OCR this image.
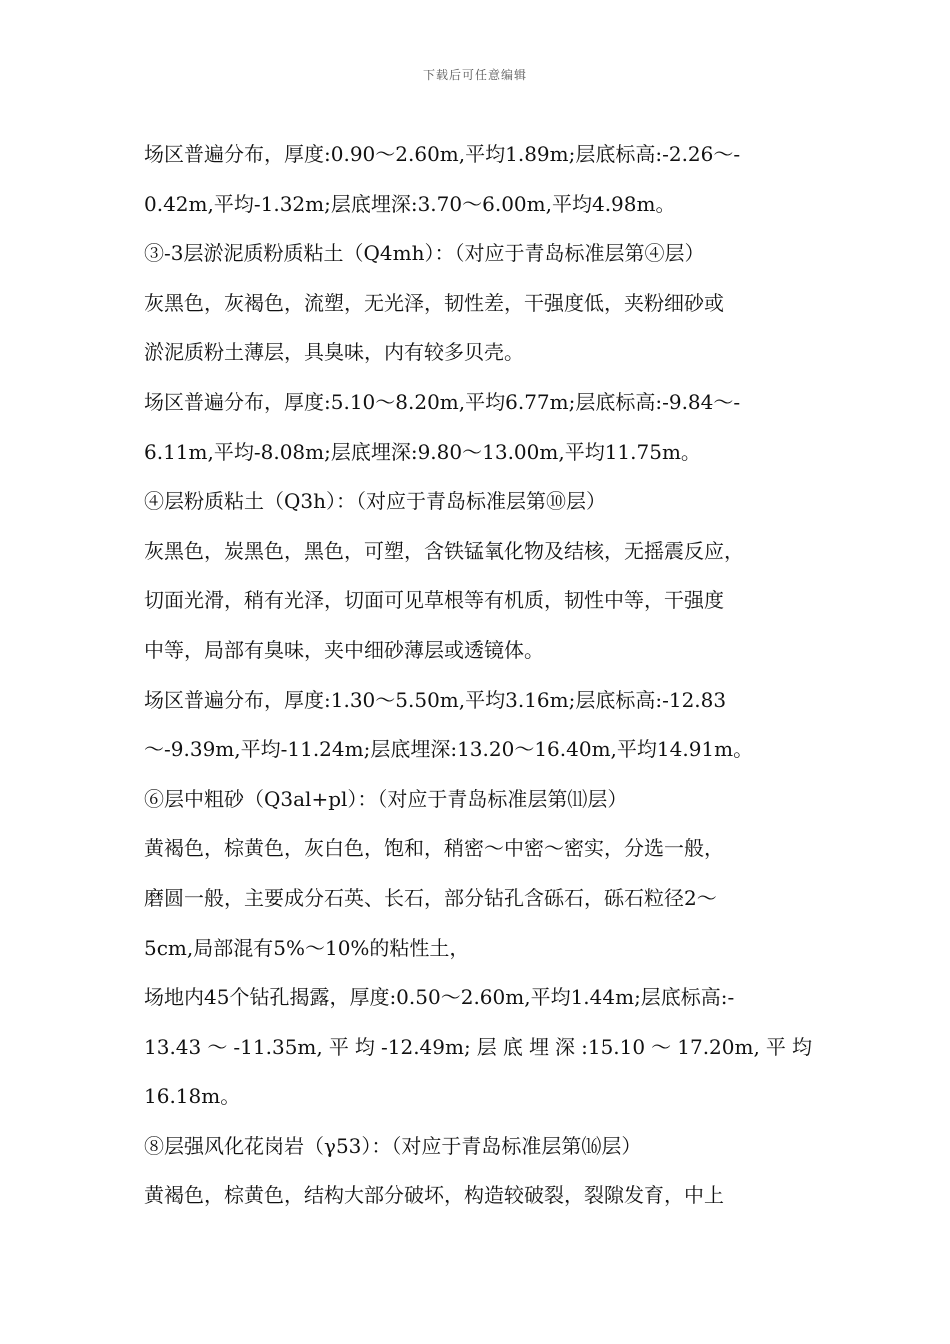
下载后可任意编辑
场区普遍分布，厚度:0.90～2.60m,平均1.89m;层底标高:-2.26～-
0.42m,平均-1.32m;层底埋深:3.70～6.00m,平均4.98m。
③-3层淤泥质粉质粘土（Q4mh）：（对应于青岛标准层第④层）
灰黑色，灰褐色，流塑，无光泽，韧性差，干强度低，夹粉细砂或
淤泥质粉土薄层，具臭味，内有较多贝壳。
场区普遍分布，厚度:5.10～8.20m,平均6.77m;层底标高:-9.84～-
6.11m,平均-8.08m;层底埋深:9.80～13.00m,平均11.75m。
④层粉质粘土（Q3h）：（对应于青岛标准层第⑩层）
灰黑色，炭黑色，黑色，可塑，含铁锰氧化物及结核，无摇震反应，
切面光滑，稍有光泽，切面可见草根等有机质，韧性中等，干强度
中等，局部有臭味，夹中细砂薄层或透镜体。
场区普遍分布，厚度:1.30～5.50m,平均3.16m;层底标高:-12.83
～-9.39m,平均-11.24m;层底埋深:13.20～16.40m,平均14.91m。
⑥层中粗砂（Q3al+pl）：（对应于青岛标准层第⑾层）
黄褐色，棕黄色，灰白色，饱和，稍密～中密～密实，分选一般，
磨圆一般，主要成分石英、长石，部分钻孔含砾石，砾石粒径2～
5cm,局部混有5%～10%的粘性土，
场地内45个钻孔揭露，厚度:0.50～2.60m,平均1.44m;层底标高:-
13.43～-11.35m,平均-12.49m;层底埋深:15.10～17.20m,平均
16.18m。
⑧层强风化花岗岩（γ53）：（对应于青岛标准层第⒃层）
黄褐色，棕黄色，结构大部分破坏，构造较破裂，裂隙发育，中上
